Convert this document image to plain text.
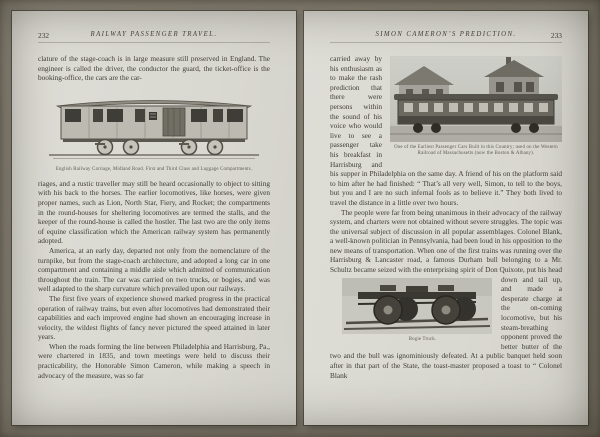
232	RAILWAY PASSENGER TRAVEL.

clature of the stage-coach is in large measure still preserved in England. The engineer is called the driver, the conductor the guard, the ticket-office is the booking-office, the cars are the car-

English Railway Carriage, Midland Road. First and Third Class and Luggage Compartments.

riages, and a rustic traveller may still be heard occasionally to object to sitting with his back to the horses. The earlier locomotives, like horses, were given proper names, such as Lion, North Star, Fiery, and Rocket; the compartments in the round-houses for sheltering locomotives are termed the stalls, and the keeper of the round-house is called the hostler. The last two are the only items of equine classification which the American railway system has permanently adopted.

America, at an early day, departed not only from the nomenclature of the turnpike, but from the stage-coach architecture, and adopted a long car in one compartment and containing a middle aisle which admitted of communication throughout the train. The car was carried on two trucks, or bogies, and was well adapted to the sharp curvature which prevailed upon our railways.

The first five years of experience showed marked progress in the practical operation of railway trains, but even after locomotives had demonstrated their capabilities and each improved engine had shown an encouraging increase in velocity, the wildest flights of fancy never pictured the speed attained in later years.

When the roads forming the line between Philadelphia and Harrisburg, Pa., were chartered in 1835, and town meetings were held to discuss their practicability, the Honorable Simon Cameron, while making a speech in advocacy of the measure, was so far

SIMON CAMERON’S PREDICTION.	233

One of the Earliest Passenger Cars Built in this Country; used on the Western Railroad of Massachusetts (now the Boston & Albany).
carried away by his enthusiasm as to make the rash prediction that there were persons within the sound of his voice who would live to see a passenger take his breakfast in Harrisburg and his supper in Philadelphia on the same day. A friend of his on the platform said to him after he had finished: “ That’s all very well, Simon, to tell to the boys, but you and I are no such infernal fools as to believe it.” They both lived to travel the distance in a little over two hours.

The people were far from being unanimous in their advocacy of the railway system, and charters were not obtained without severe struggles. The topic was the universal subject of discussion in all popular assemblages. Colonel Blank, a well-known politician in Pennsylvania, had been loud in his opposition to the new means of transportation. When one of the first trains was running over the Harrisburg & Lancaster road, a famous Durham bull belonging to a Mr. Schultz became seized with the enterprising
Bogie Truck.
spirit of Don Quixote, put his head down and tail up, and made a desperate charge at the on-coming locomotive, but his steam-breathing opponent proved the better butter of the two and the bull was ignominiously defeated. At a public banquet held soon after in that part of the State, the toast-master proposed a toast to “ Colonel Blank
